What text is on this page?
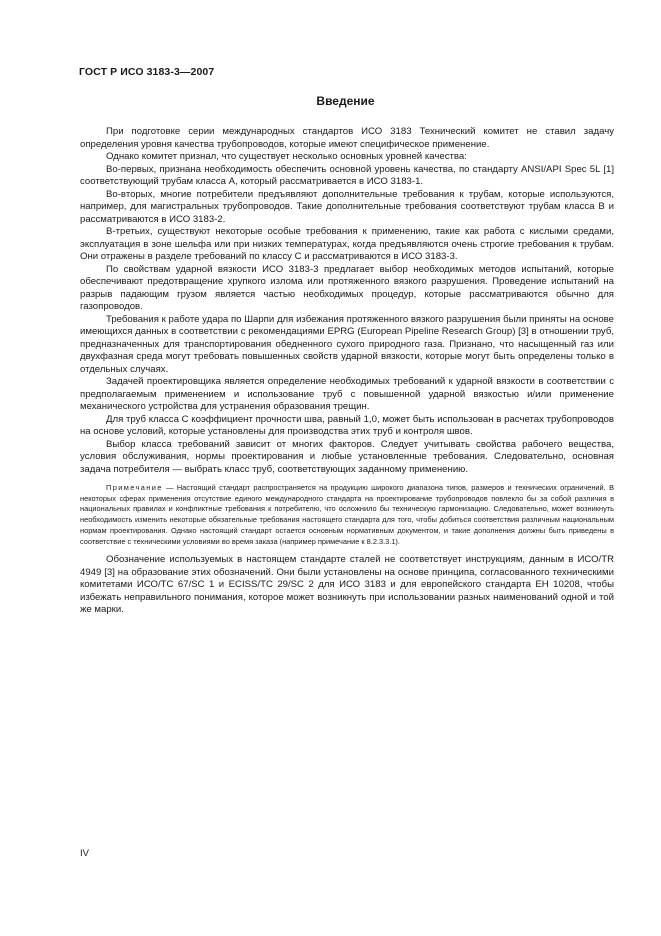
ГОСТ Р ИСО 3183-3—2007
Введение

При подготовке серии международных стандартов ИСО 3183 Технический комитет не ставил задачу определения уровня качества трубопроводов, которые имеют специфическое применение.

Однако комитет признал, что существует несколько основных уровней качества:

Во-первых, признана необходимость обеспечить основной уровень качества, по стандарту ANSI/API Spec 5L [1] соответствующий трубам класса А, который рассматривается в ИСО 3183-1.

Во-вторых, многие потребители предъявляют дополнительные требования к трубам, которые используются, например, для магистральных трубопроводов. Такие дополнительные требования соответствуют трубам класса В и рассматриваются в ИСО 3183-2.

В-третьих, существуют некоторые особые требования к применению, такие как работа с кислыми средами, эксплуатация в зоне шельфа или при низких температурах, когда предъявляются очень строгие требования к трубам. Они отражены в разделе требований по классу С и рассматриваются в ИСО 3183-3.

По свойствам ударной вязкости ИСО 3183-3 предлагает выбор необходимых методов испытаний, которые обеспечивают предотвращение хрупкого излома или протяженного вязкого разрушения. Проведение испытаний на разрыв падающим грузом является частью необходимых процедур, которые рассматриваются обычно для газопроводов.

Требования к работе удара по Шарпи для избежания протяженного вязкого разрушения были приняты на основе имеющихся данных в соответствии с рекомендациями EPRG (European Pipeline Research Group) [3] в отношении труб, предназначенных для транспортирования обедненного сухого природного газа. Признано, что насыщенный газ или двухфазная среда могут требовать повышенных свойств ударной вязкости, которые могут быть определены только в отдельных случаях.

Задачей проектировщика является определение необходимых требований к ударной вязкости в соответствии с предполагаемым применением и использование труб с повышенной ударной вязкостью и/или применение механического устройства для устранения образования трещин.

Для труб класса С коэффициент прочности шва, равный 1,0, может быть использован в расчетах трубопроводов на основе условий, которые установлены для производства этих труб и контроля швов.

Выбор класса требований зависит от многих факторов. Следует учитывать свойства рабочего вещества, условия обслуживания, нормы проектирования и любые установленные требования. Следовательно, основная задача потребителя — выбрать класс труб, соответствующих заданному применению.

Примечание — Настоящий стандарт распространяется на продукцию широкого диапазона типов, размеров и технических ограничений. В некоторых сферах применения отсутствие единого международного стандарта на проектирование трубопроводов повлекло бы за собой различия в национальных правилах и конфликтные требования к потребителю, что осложнило бы техническую гармонизацию. Следовательно, может возникнуть необходимость изменить некоторые обязательные требования настоящего стандарта для того, чтобы добиться соответствия различным национальным нормам проектирования. Однако настоящий стандарт остается основным нормативным документом, и такие дополнения должны быть приведены в соответствие с техническими условиями во время заказа (например примечание к 8.2.3.3.1).

Обозначение используемых в настоящем стандарте сталей не соответствует инструкциям, данным в ИСО/TR 4949 [3] на образование этих обозначений. Они были установлены на основе принципа, согласованного техническими комитетами ИСО/ТС 67/SC 1 и ECISS/TC 29/SC 2 для ИСО 3183 и для европейского стандарта ЕН 10208, чтобы избежать неправильного понимания, которое может возникнуть при использовании разных наименований одной и той же марки.

IV
